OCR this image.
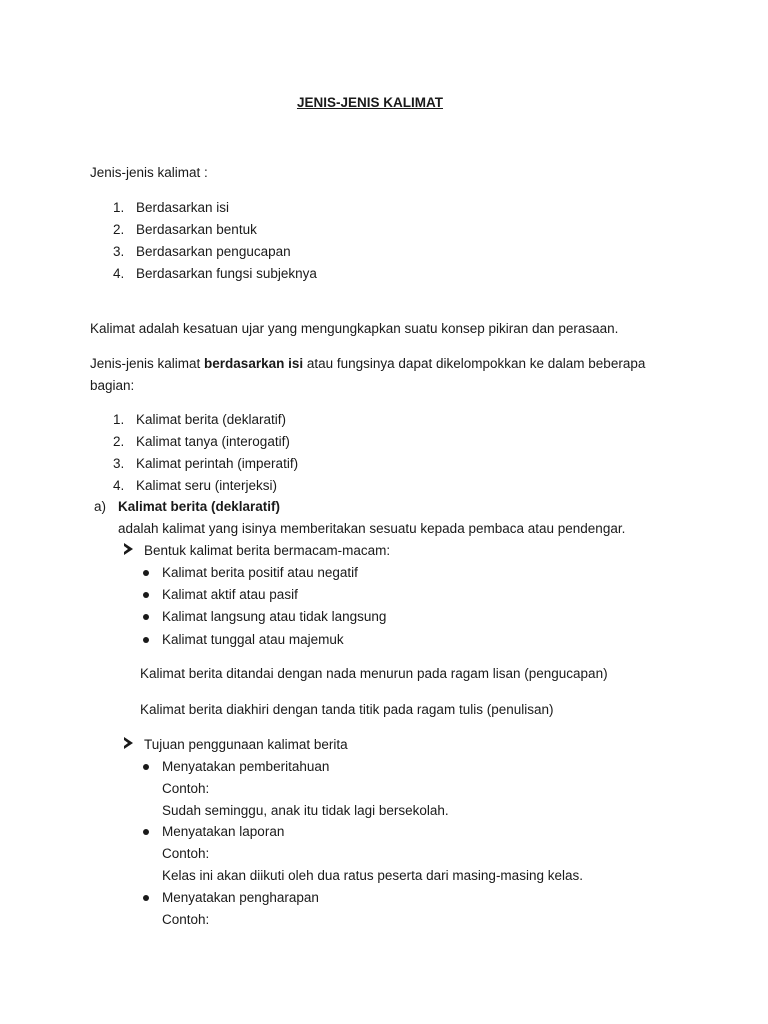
JENIS-JENIS KALIMAT
Jenis-jenis kalimat :
1. Berdasarkan isi
2. Berdasarkan bentuk
3. Berdasarkan pengucapan
4. Berdasarkan fungsi subjeknya
Kalimat adalah kesatuan ujar yang mengungkapkan suatu konsep pikiran dan perasaan.
Jenis-jenis kalimat berdasarkan isi atau fungsinya dapat dikelompokkan ke dalam beberapa
bagian:
1. Kalimat berita (deklaratif)
2. Kalimat tanya (interogatif)
3. Kalimat perintah (imperatif)
4. Kalimat seru (interjeksi)
a) Kalimat berita (deklaratif)
adalah kalimat yang isinya memberitakan sesuatu kepada pembaca atau pendengar.
Bentuk kalimat berita bermacam-macam:
Kalimat berita positif atau negatif
Kalimat aktif atau pasif
Kalimat langsung atau tidak langsung
Kalimat tunggal atau majemuk
Kalimat berita ditandai dengan nada menurun pada ragam lisan (pengucapan)
Kalimat berita diakhiri dengan tanda titik pada ragam tulis (penulisan)
Tujuan penggunaan kalimat berita
Menyatakan pemberitahuan
Contoh:
Sudah seminggu, anak itu tidak lagi bersekolah.
Menyatakan laporan
Contoh:
Kelas ini akan diikuti oleh dua ratus peserta dari masing-masing kelas.
Menyatakan pengharapan
Contoh:
